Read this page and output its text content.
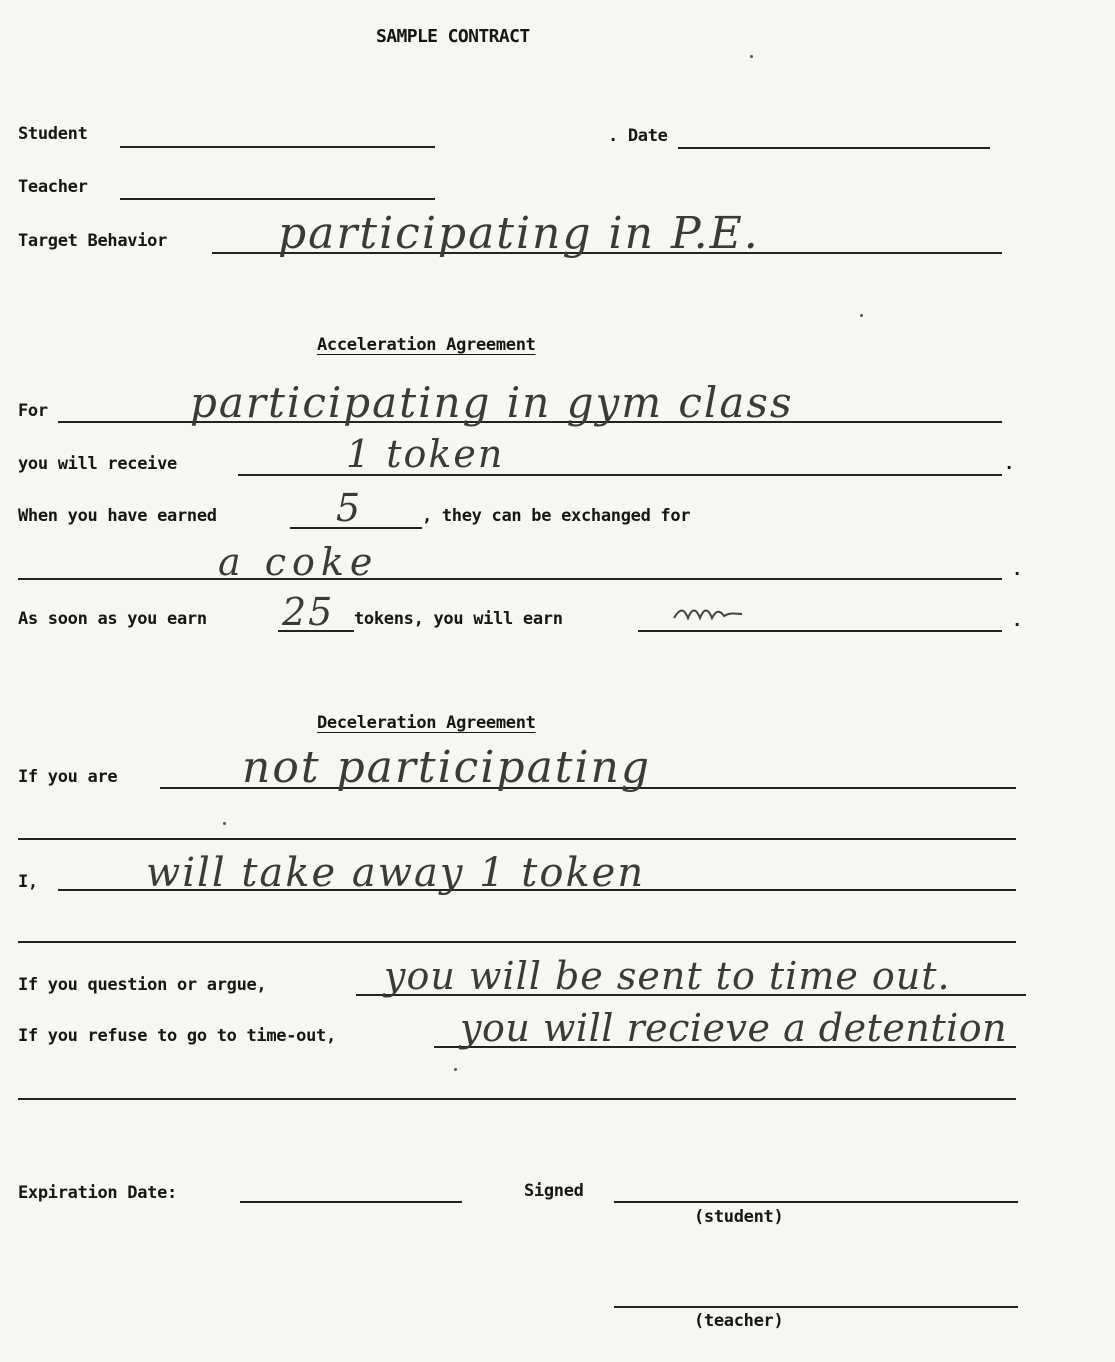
SAMPLE CONTRACT
Student	. Date
Teacher
Target Behavior	participating in P.E.
Acceleration Agreement
For	participating in gym class
you will receive	.
1 token
When you have earned	5	, they can be exchanged for
.
a coke
As soon as you earn 25 tokens, you will earn	.
Deceleration Agreement
If you are	not participating
I,	will take away 1 token
If you question or argue,	you will be sent to time out.
If you refuse to go to time-out,	you will recieve a detention
Expiration Date:	Signed
(student)
(teacher)
